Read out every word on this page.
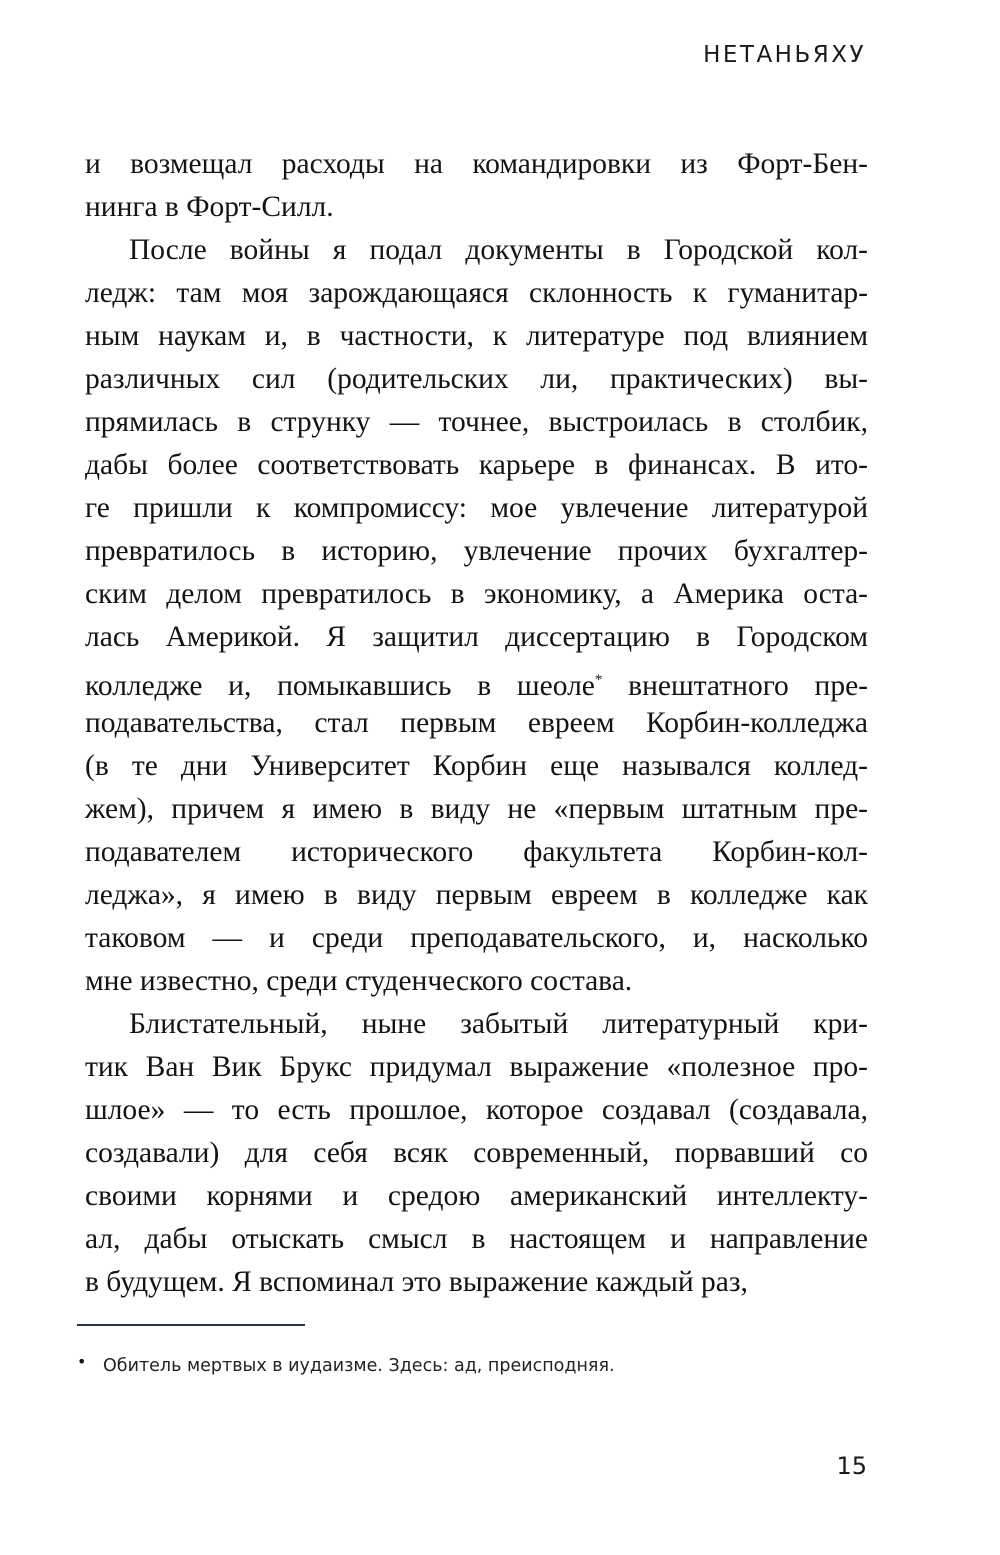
НЕТАНЬЯХУ
и возмещал расходы на командировки из Форт-Бен-
нинга в Форт-Силл.
После войны я подал документы в Городской кол-
ледж: там моя зарождающаяся склонность к гуманитар-
ным наукам и, в частности, к литературе под влиянием
различных сил (родительских ли, практических) вы-
прямилась в струнку — точнее, выстроилась в столбик,
дабы более соответствовать карьере в финансах. В ито-
ге пришли к компромиссу: мое увлечение литературой
превратилось в историю, увлечение прочих бухгалтер-
ским делом превратилось в экономику, а Америка оста-
лась Америкой. Я защитил диссертацию в Городском
колледже и, помыкавшись в шеоле* внештатного пре-
подавательства, стал первым евреем Корбин-колледжа
(в те дни Университет Корбин еще назывался коллед-
жем), причем я имею в виду не «первым штатным пре-
подавателем исторического факультета Корбин-кол-
леджа», я имею в виду первым евреем в колледже как
таковом — и среди преподавательского, и, насколько
мне известно, среди студенческого состава.
Блистательный, ныне забытый литературный кри-
тик Ван Вик Брукс придумал выражение «полезное про-
шлое» — то есть прошлое, которое создавал (создавала,
создавали) для себя всяк современный, порвавший со
своими корнями и средою американский интеллекту-
ал, дабы отыскать смысл в настоящем и направление
в будущем. Я вспоминал это выражение каждый раз,
• Обитель мертвых в иудаизме. Здесь: ад, преисподняя.
15
